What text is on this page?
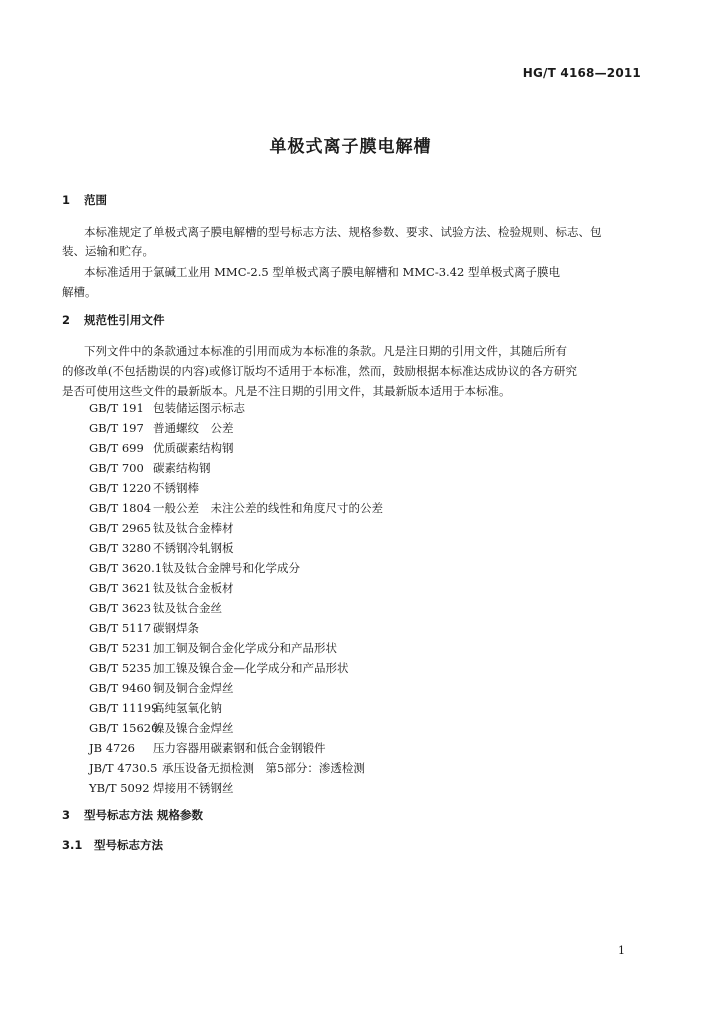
HG/T 4168—2011
单极式离子膜电解槽
1 范围
本标准规定了单极式离子膜电解槽的型号标志方法、规格参数、要求、试验方法、检验规则、标志、包
装、运输和贮存。
本标准适用于氯碱工业用 MMC-2.5 型单极式离子膜电解槽和 MMC-3.42 型单极式离子膜电
解槽。
2 规范性引用文件
下列文件中的条款通过本标准的引用而成为本标准的条款。凡是注日期的引用文件，其随后所有
的修改单(不包括勘误的内容)或修订版均不适用于本标准，然而，鼓励根据本标准达成协议的各方研究
是否可使用这些文件的最新版本。凡是不注日期的引用文件，其最新版本适用于本标准。
GB/T 191 包装储运图示标志
GB/T 197 普通螺纹　公差
GB/T 699 优质碳素结构钢
GB/T 700 碳素结构钢
GB/T 1220 不锈钢棒
GB/T 1804 一般公差　未注公差的线性和角度尺寸的公差
GB/T 2965 钛及钛合金棒材
GB/T 3280 不锈钢冷轧钢板
GB/T 3620.1钛及钛合金牌号和化学成分
GB/T 3621 钛及钛合金板材
GB/T 3623 钛及钛合金丝
GB/T 5117 碳钢焊条
GB/T 5231 加工铜及铜合金化学成分和产品形状
GB/T 5235 加工镍及镍合金—化学成分和产品形状
GB/T 9460 铜及铜合金焊丝
GB/T 11199高纯氢氧化钠
GB/T 15620镍及镍合金焊丝
JB 4726 压力容器用碳素钢和低合金钢锻件
JB/T 4730.5 承压设备无损检测　第5部分：渗透检测
YB/T 5092 焊接用不锈钢丝
3 型号标志方法 规格参数
3.1 型号标志方法
1
